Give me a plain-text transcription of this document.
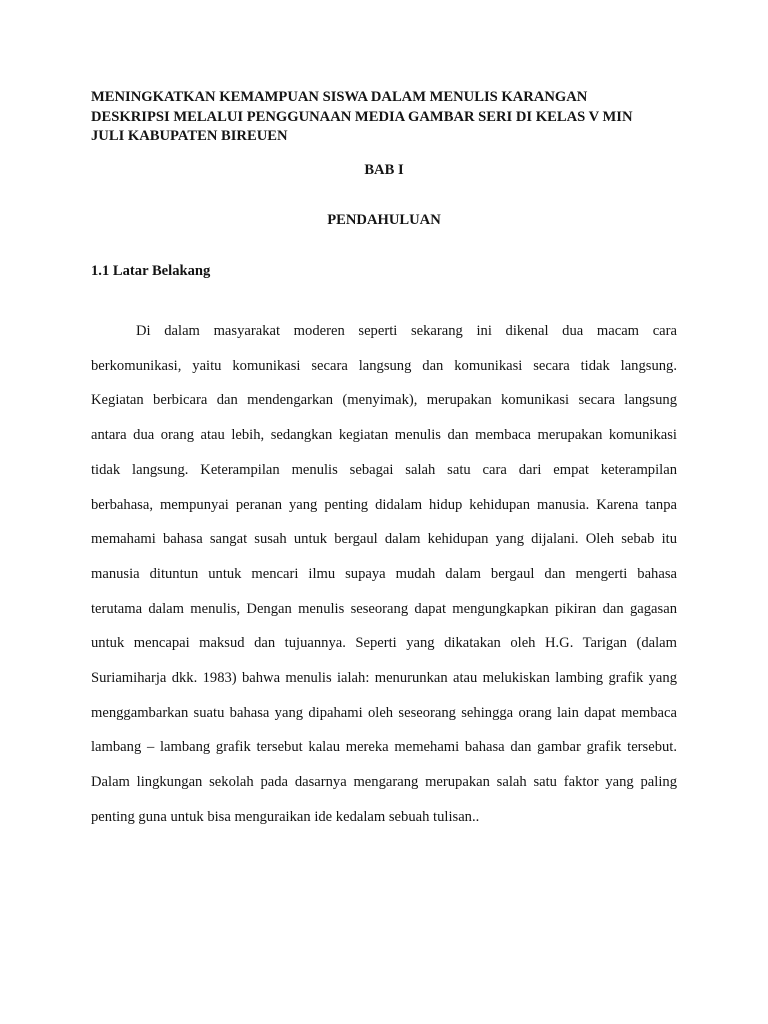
MENINGKATKAN KEMAMPUAN SISWA DALAM MENULIS KARANGAN
DESKRIPSI MELALUI PENGGUNAAN MEDIA GAMBAR SERI DI KELAS V MIN
JULI KABUPATEN BIREUEN
BAB I
PENDAHULUAN
1.1 Latar Belakang

Di dalam masyarakat moderen seperti sekarang ini dikenal dua macam cara
berkomunikasi, yaitu komunikasi secara langsung dan komunikasi secara tidak langsung.
Kegiatan berbicara dan mendengarkan (menyimak), merupakan komunikasi secara langsung
antara dua orang atau lebih, sedangkan kegiatan menulis dan membaca merupakan komunikasi
tidak langsung. Keterampilan menulis sebagai salah satu cara dari empat keterampilan
berbahasa, mempunyai peranan yang penting didalam hidup kehidupan manusia. Karena tanpa
memahami bahasa sangat susah untuk bergaul dalam kehidupan yang dijalani. Oleh sebab itu
manusia dituntun untuk mencari ilmu supaya mudah dalam bergaul dan mengerti bahasa
terutama dalam menulis, Dengan menulis seseorang dapat mengungkapkan pikiran dan gagasan
untuk mencapai maksud dan tujuannya. Seperti yang dikatakan oleh H.G. Tarigan (dalam
Suriamiharja dkk. 1983) bahwa menulis ialah: menurunkan atau melukiskan lambing grafik yang
menggambarkan suatu bahasa yang dipahami oleh seseorang sehingga orang lain dapat membaca
lambang – lambang grafik tersebut kalau mereka memehami bahasa dan gambar grafik tersebut.
Dalam lingkungan sekolah pada dasarnya mengarang merupakan salah satu faktor yang paling
penting guna untuk bisa menguraikan ide kedalam sebuah tulisan..
